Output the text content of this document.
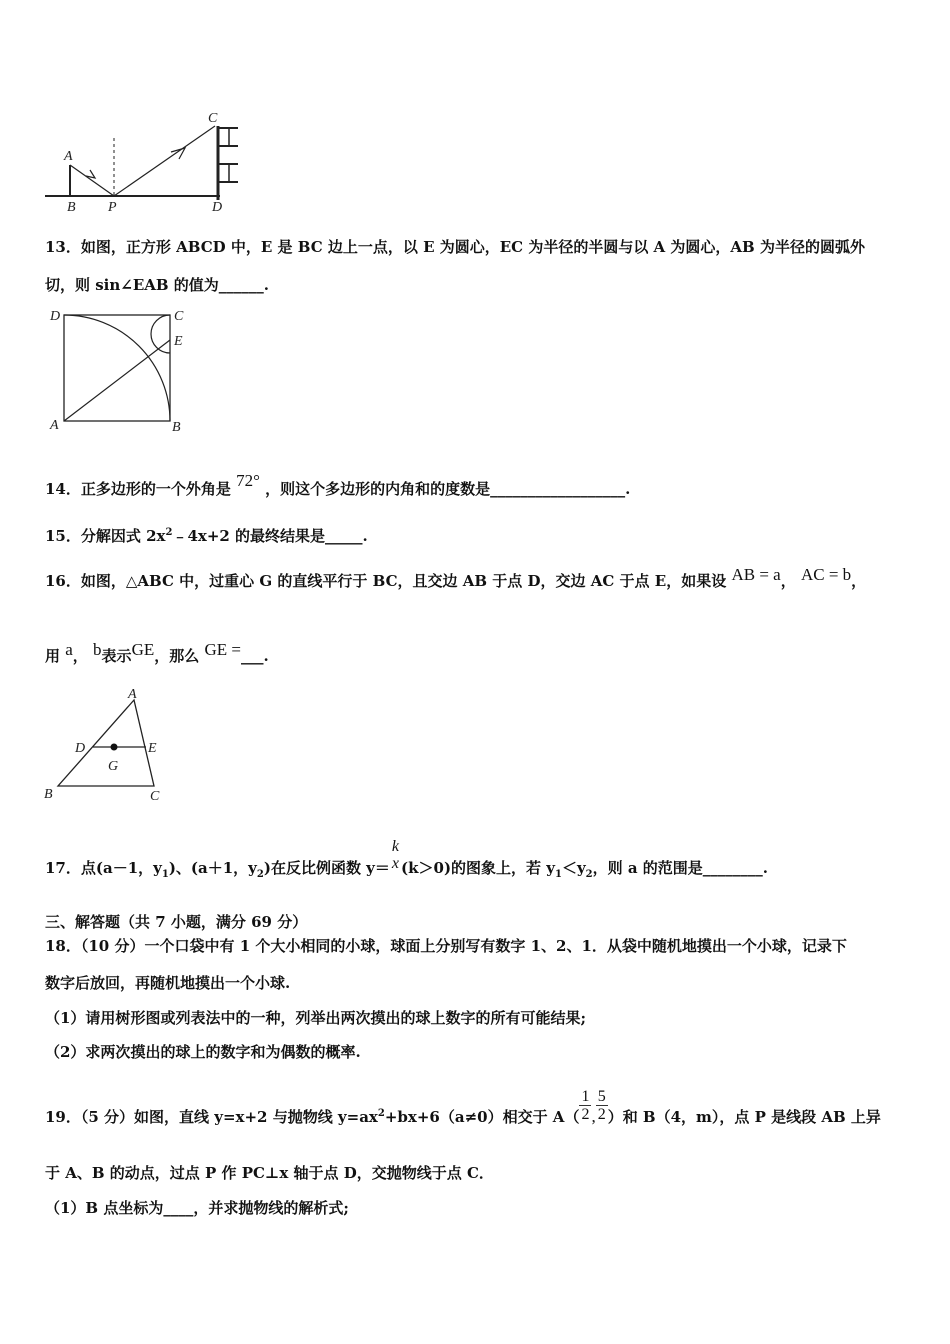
A
B P
C
D
13．如图，正方形 ABCD 中，E 是 BC 边上一点，以 E 为圆心，EC 为半径的半圆与以 A 为圆心，AB 为半径的圆弧外
切，则 sin∠EAB 的值为______.
D	C
E
A	B
14．正多边形的一个外角是 72° ，则这个多边形的内角和的度数是__________________.
15．分解因式 $2x^2﹣4x+2$ 的最终结果是_____.
16．如图，△ABC 中，过重心 G 的直线平行于 BC，且交边 AB 于点 D，交边 AC 于点 E，如果设 AB = a， AC = b，
用 a， b表示GE，那么 GE =___.
A
D	E
G
B	C
17．点(a－1，$y_1$)、(a＋1，$y_2$)在反比例函数 y＝
k
x (k＞0)的图象上，若 $y_1<y_2$，则 a 的范围是________.
三、解答题（共 7 小题，满分 69 分）
18．（10 分）一个口袋中有 1 个大小相同的小球，球面上分别写有数字 1、2、1．从袋中随机地摸出一个小球，记录下
数字后放回，再随机地摸出一个小球.
（1）请用树形图或列表法中的一种，列举出两次摸出的球上数字的所有可能结果;
（2）求两次摸出的球上的数字和为偶数的概率.
19．（5 分）如图，直线 y=x+2 与抛物线 $y=ax_2+bx+6(a\ne 0)$相交于 $A( \frac{1}{2}$ , $\frac{5}{2}$ ）和 B（4，m），点 P 是线段 AB 上异
于 A、B 的动点，过点 P 作 PC⊥x 轴于点 D，交抛物线于点 C．
（1）B 点坐标为____，并求抛物线的解析式;
